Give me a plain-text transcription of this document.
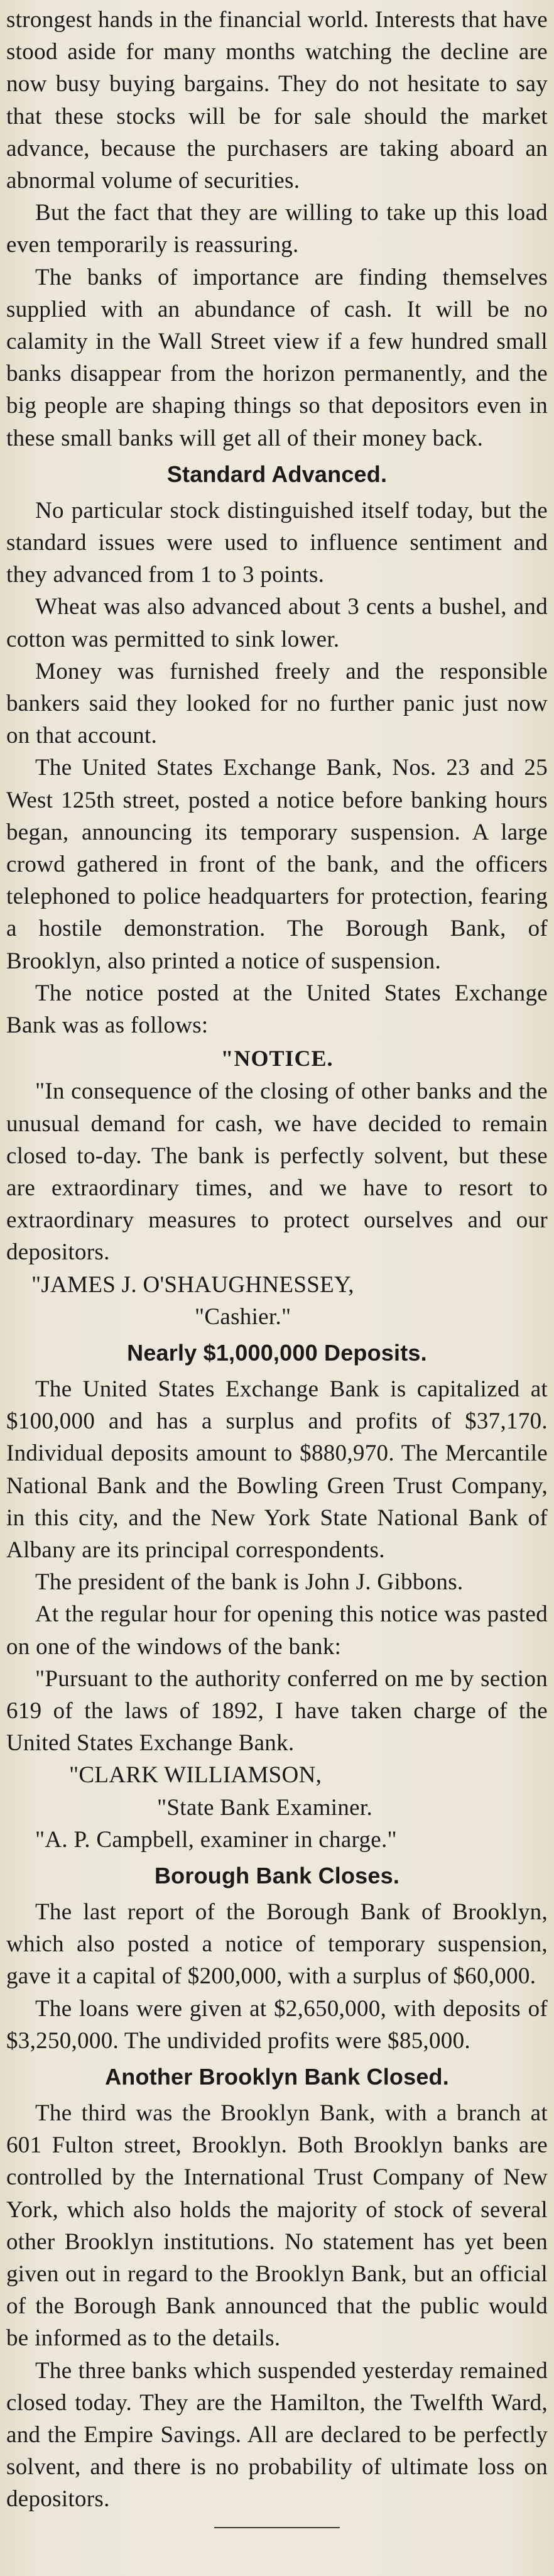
strongest hands in the financial world. Interests that have stood aside for many months watching the decline are now busy buying bargains. They do not hesitate to say that these stocks will be for sale should the market advance, because the purchasers are taking aboard an abnormal volume of securities.

But the fact that they are willing to take up this load even temporarily is reassuring.

The banks of importance are finding themselves supplied with an abundance of cash. It will be no calamity in the Wall Street view if a few hundred small banks disappear from the horizon permanently, and the big people are shaping things so that depositors even in these small banks will get all of their money back.

Standard Advanced.

No particular stock distinguished itself today, but the standard issues were used to influence sentiment and they advanced from 1 to 3 points.

Wheat was also advanced about 3 cents a bushel, and cotton was permitted to sink lower.

Money was furnished freely and the responsible bankers said they looked for no further panic just now on that account.

The United States Exchange Bank, Nos. 23 and 25 West 125th street, posted a notice before banking hours began, announcing its temporary suspension. A large crowd gathered in front of the bank, and the officers telephoned to police headquarters for protection, fearing a hostile demonstration. The Borough Bank, of Brooklyn, also printed a notice of suspension.

The notice posted at the United States Exchange Bank was as follows:

"NOTICE.

"In consequence of the closing of other banks and the unusual demand for cash, we have decided to remain closed to-day. The bank is perfectly solvent, but these are extraordinary times, and we have to resort to extraordinary measures to protect ourselves and our depositors.

"JAMES J. O'SHAUGHNESSEY,

"Cashier."

Nearly $1,000,000 Deposits.

The United States Exchange Bank is capitalized at $100,000 and has a surplus and profits of $37,170. Individual deposits amount to $880,970. The Mercantile National Bank and the Bowling Green Trust Company, in this city, and the New York State National Bank of Albany are its principal correspondents.

The president of the bank is John J. Gibbons.

At the regular hour for opening this notice was pasted on one of the windows of the bank:

"Pursuant to the authority conferred on me by section 619 of the laws of 1892, I have taken charge of the United States Exchange Bank.

"CLARK WILLIAMSON,

"State Bank Examiner.

"A. P. Campbell, examiner in charge."

Borough Bank Closes.

The last report of the Borough Bank of Brooklyn, which also posted a notice of temporary suspension, gave it a capital of $200,000, with a surplus of $60,000.

The loans were given at $2,650,000, with deposits of $3,250,000. The undivided profits were $85,000.

Another Brooklyn Bank Closed.

The third was the Brooklyn Bank, with a branch at 601 Fulton street, Brooklyn. Both Brooklyn banks are controlled by the International Trust Company of New York, which also holds the majority of stock of several other Brooklyn institutions. No statement has yet been given out in regard to the Brooklyn Bank, but an official of the Borough Bank announced that the public would be informed as to the details.

The three banks which suspended yesterday remained closed today. They are the Hamilton, the Twelfth Ward, and the Empire Savings. All are declared to be perfectly solvent, and there is no probability of ultimate loss on depositors.
